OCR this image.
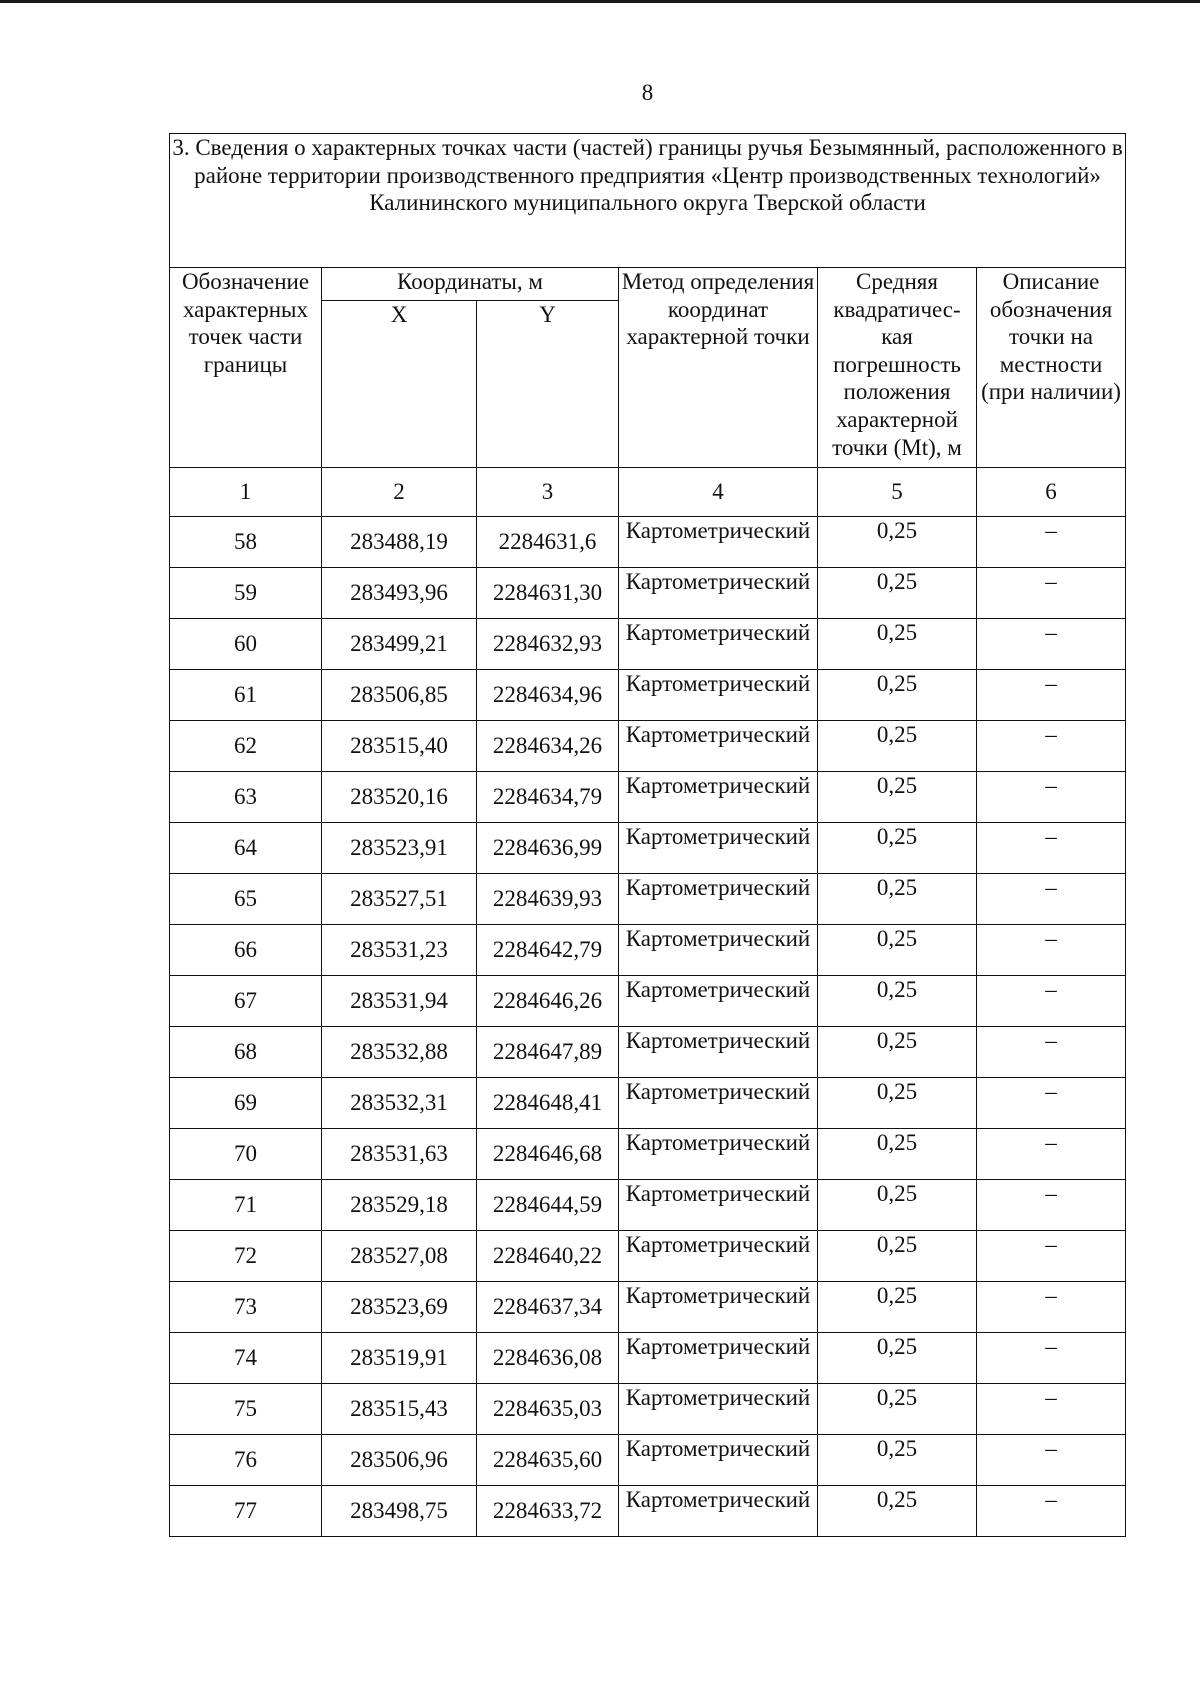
8
3. Сведения о характерных точках части (частей) границы ручья Безымянный, расположенного в районе территории производственного предприятия «Центр производственных технологий» Калининского муниципального округа Тверской области					
Обозначение характерных точек части границы	Координаты, м		Метод определения координат характерной точки	Средняя квадратичес-кая погрешность положения характерной точки (Mt), м	Описание обозначения точки на местности (при наличии)
	X	Y			
1	2	3	4	5	6
58	283488,19	2284631,6	Картометрический	0,25	–
59	283493,96	2284631,30	Картометрический	0,25	–
60	283499,21	2284632,93	Картометрический	0,25	–
61	283506,85	2284634,96	Картометрический	0,25	–
62	283515,40	2284634,26	Картометрический	0,25	–
63	283520,16	2284634,79	Картометрический	0,25	–
64	283523,91	2284636,99	Картометрический	0,25	–
65	283527,51	2284639,93	Картометрический	0,25	–
66	283531,23	2284642,79	Картометрический	0,25	–
67	283531,94	2284646,26	Картометрический	0,25	–
68	283532,88	2284647,89	Картометрический	0,25	–
69	283532,31	2284648,41	Картометрический	0,25	–
70	283531,63	2284646,68	Картометрический	0,25	–
71	283529,18	2284644,59	Картометрический	0,25	–
72	283527,08	2284640,22	Картометрический	0,25	–
73	283523,69	2284637,34	Картометрический	0,25	–
74	283519,91	2284636,08	Картометрический	0,25	–
75	283515,43	2284635,03	Картометрический	0,25	–
76	283506,96	2284635,60	Картометрический	0,25	–
77	283498,75	2284633,72	Картометрический	0,25	–
